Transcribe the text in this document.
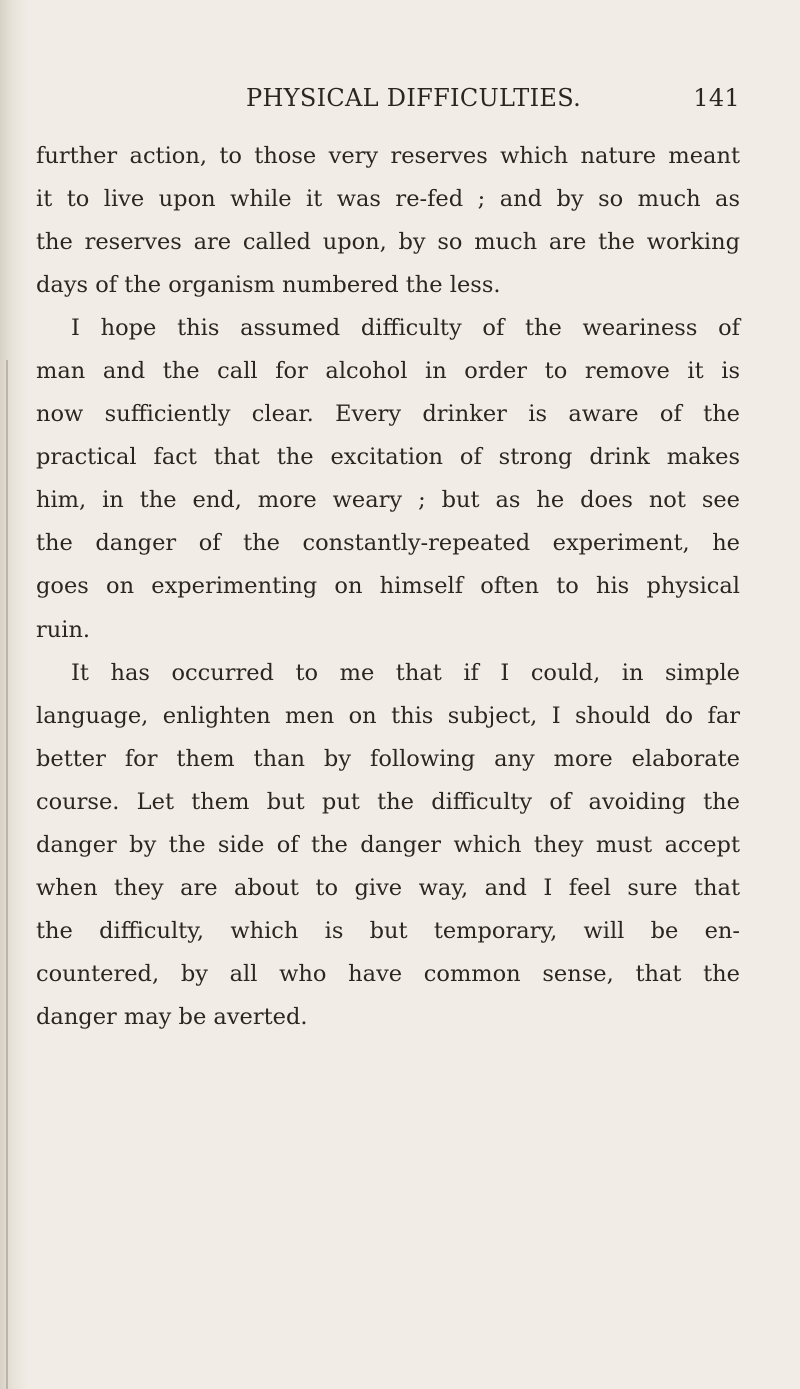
PHYSICAL DIFFICULTIES.	141
further action, to those very reserves which nature meant
it to live upon while it was re-fed ; and by so much as
the reserves are called upon, by so much are the working
days of the organism numbered the less.
I hope this assumed difficulty of the weariness of
man and the call for alcohol in order to remove it is
now sufficiently clear. Every drinker is aware of the
practical fact that the excitation of strong drink makes
him, in the end, more weary ; but as he does not see
the danger of the constantly-repeated experiment, he
goes on experimenting on himself often to his physical
ruin.
It has occurred to me that if I could, in simple
language, enlighten men on this subject, I should do far
better for them than by following any more elaborate
course. Let them but put the difficulty of avoiding the
danger by the side of the danger which they must accept
when they are about to give way, and I feel sure that
the difficulty, which is but temporary, will be en-
countered, by all who have common sense, that the
danger may be averted.
